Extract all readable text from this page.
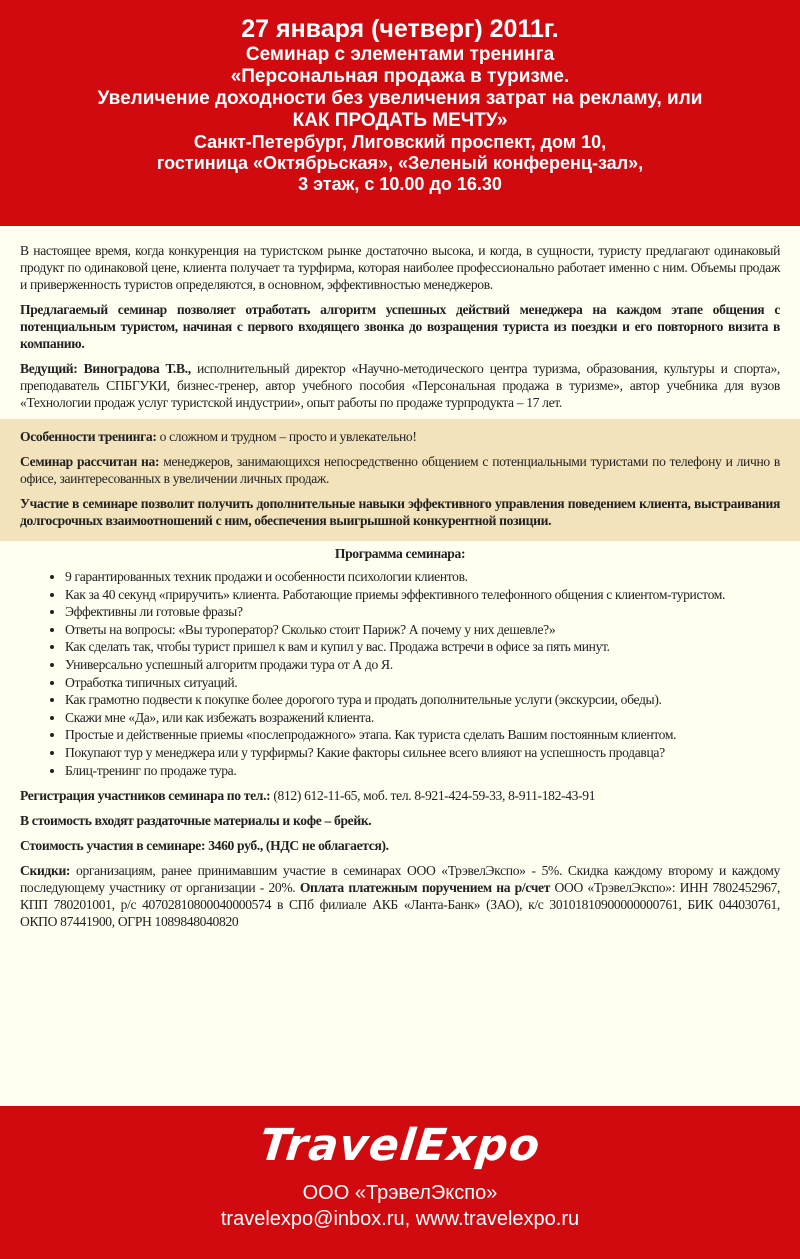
27 января (четверг) 2011г.
Семинар с элементами тренинга
«Персональная продажа в туризме.
Увеличение доходности без увеличения затрат на рекламу, или
КАК ПРОДАТЬ МЕЧТУ»
Санкт-Петербург, Лиговский проспект, дом 10,
гостиница «Октябрьская», «Зеленый конференц-зал»,
3 этаж, с 10.00 до 16.30

В настоящее время, когда конкуренция на туристском рынке достаточно высока, и когда, в сущности, туристу предлагают одинаковый продукт по одинаковой цене, клиента получает та турфирма, которая наиболее профессионально работает именно с ним. Объемы продаж и приверженность туристов определяются, в основном, эффективностью менеджеров.

Предлагаемый семинар позволяет отработать алгоритм успешных действий менеджера на каждом этапе общения с потенциальным туристом, начиная с первого входящего звонка до возращения туриста из поездки и его повторного визита в компанию.

Ведущий: Виноградова Т.В., исполнительный директор «Научно-методического центра туризма, образования, культуры и спорта», преподаватель СПБГУКИ, бизнес-тренер, автор учебного пособия «Персональная продажа в туризме», автор учебника для вузов «Технологии продаж услуг туристской индустрии», опыт работы по продаже турпродукта – 17 лет.

Особенности тренинга: о сложном и трудном – просто и увлекательно!

Семинар рассчитан на: менеджеров, занимающихся непосредственно общением с потенциальными туристами по телефону и лично в офисе, заинтересованных в увеличении личных продаж.

Участие в семинаре позволит получить дополнительные навыки эффективного управления поведением клиента, выстраивания долгосрочных взаимоотношений с ним, обеспечения выигрышной конкурентной позиции.

Программа семинара:
• 9 гарантированных техник продажи и особенности психологии клиентов.
• Как за 40 секунд «приручить» клиента. Работающие приемы эффективного телефонного общения с клиентом-туристом.
• Эффективны ли готовые фразы?
• Ответы на вопросы: «Вы туроператор? Сколько стоит Париж? А почему у них дешевле?»
• Как сделать так, чтобы турист пришел к вам и купил у вас. Продажа встречи в офисе за пять минут.
• Универсально успешный алгоритм продажи тура от А до Я.
• Отработка типичных ситуаций.
• Как грамотно подвести к покупке более дорогого тура и продать дополнительные услуги (экскурсии, обеды).
• Скажи мне «Да», или как избежать возражений клиента.
• Простые и действенные приемы «послепродажного» этапа. Как туриста сделать Вашим постоянным клиентом.
• Покупают тур у менеджера или у турфирмы? Какие факторы сильнее всего влияют на успешность продавца?
• Блиц-тренинг по продаже тура.

Регистрация участников семинара по тел.: (812) 612-11-65, моб. тел. 8-921-424-59-33, 8-911-182-43-91

В стоимость входят раздаточные материалы и кофе – брейк.

Стоимость участия в семинаре: 3460 руб., (НДС не облагается).

Скидки: организациям, ранее принимавшим участие в семинарах ООО «ТрэвелЭкспо» - 5%. Скидка каждому второму и каждому последующему участнику от организации - 20%. Оплата платежным поручением на р/счет ООО «ТрэвелЭкспо»: ИНН 7802452967, КПП 780201001, р/с 40702810800040000574 в СПб филиале АКБ «Ланта-Банк» (ЗАО), к/с 30101810900000000761, БИК 044030761, ОКПО 87441900, ОГРН 1089848040820

TravelExpo
ООО «ТрэвелЭкспо»
travelexpo@inbox.ru, www.travelexpo.ru
